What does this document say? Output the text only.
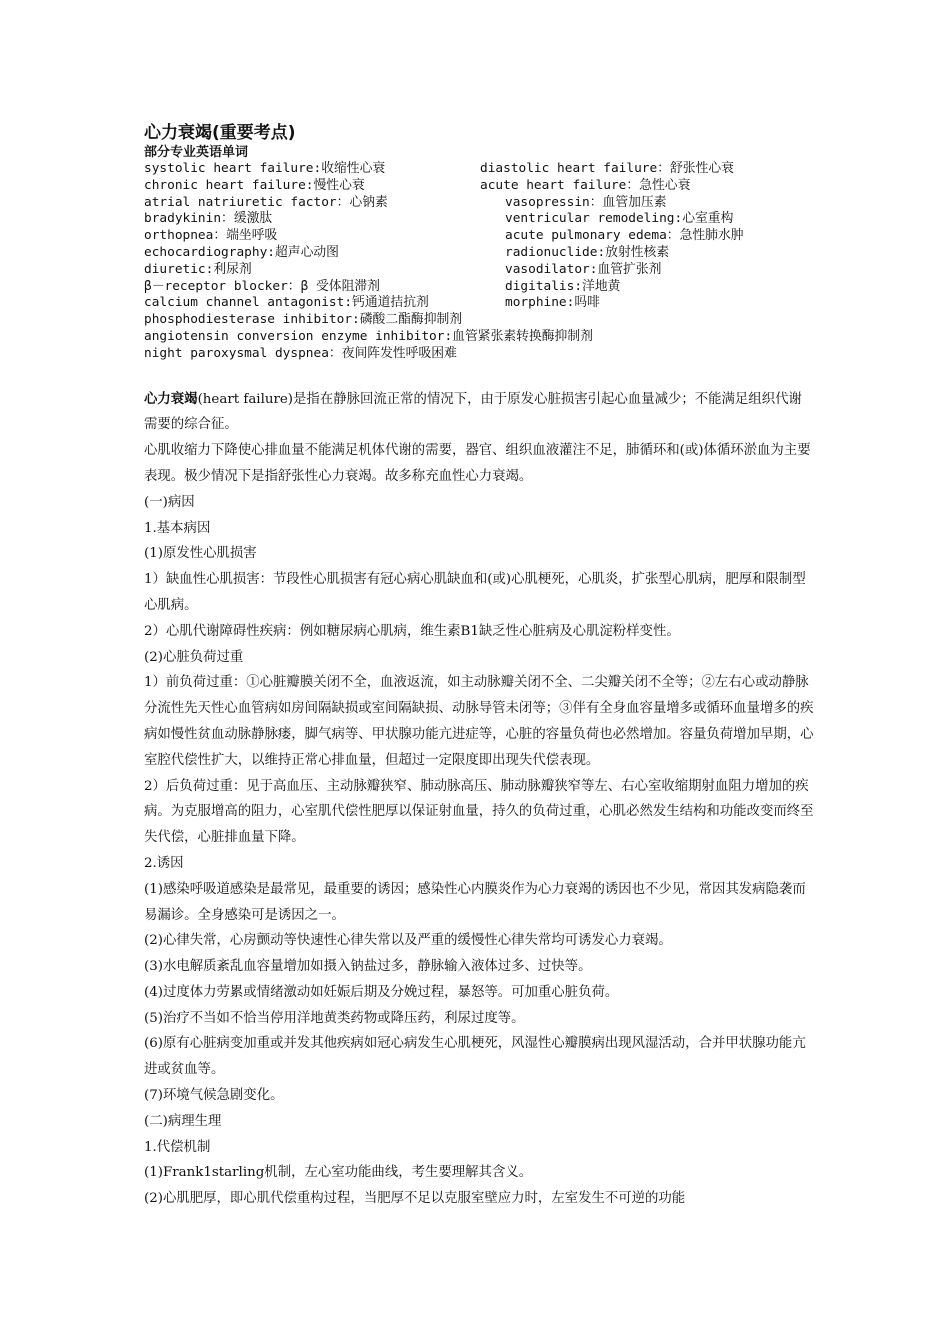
心力衰竭(重要考点)
部分专业英语单词
systolic heart failure:收缩性心衰	diastolic heart failure：舒张性心衰
chronic heart failure:慢性心衰	acute heart failure：急性心衰
atrial natriuretic factor：心钠素	vasopressin：血管加压素
bradykinin：缓激肽	ventricular remodeling:心室重构
orthopnea：端坐呼吸	acute pulmonary edema：急性肺水肿
echocardiography:超声心动图	radionuclide:放射性核素
diuretic:利尿剂	vasodilator:血管扩张剂
β－receptor blocker：β 受体阻滞剂	digitalis:洋地黄
calcium channel antagonist:钙通道拮抗剂	morphine:吗啡
phosphodiesterase inhibitor:磷酸二酯酶抑制剂
angiotensin conversion enzyme inhibitor:血管紧张素转换酶抑制剂
night paroxysmal dyspnea：夜间阵发性呼吸困难

心力衰竭(heart failure)是指在静脉回流正常的情况下，由于原发心脏损害引起心血量减少；不能满足组织代谢需要的综合征。

心肌收缩力下降使心排血量不能满足机体代谢的需要，器官、组织血液灌注不足，肺循环和(或)体循环淤血为主要表现。极少情况下是指舒张性心力衰竭。故多称充血性心力衰竭。

(一)病因

1.基本病因

(1)原发性心肌损害

1）缺血性心肌损害：节段性心肌损害有冠心病心肌缺血和(或)心肌梗死，心肌炎，扩张型心肌病，肥厚和限制型心肌病。

2）心肌代谢障碍性疾病：例如糖尿病心肌病，维生素B1缺乏性心脏病及心肌淀粉样变性。

(2)心脏负荷过重

1）前负荷过重：①心脏瓣膜关闭不全，血液返流，如主动脉瓣关闭不全、二尖瓣关闭不全等；②左右心或动静脉分流性先天性心血管病如房间隔缺损或室间隔缺损、动脉导管未闭等；③伴有全身血容量增多或循环血量增多的疾病如慢性贫血动脉静脉瘘，脚气病等、甲状腺功能亢进症等，心脏的容量负荷也必然增加。容量负荷增加早期，心室腔代偿性扩大，以维持正常心排血量，但超过一定限度即出现失代偿表现。

2）后负荷过重：见于高血压、主动脉瓣狭窄、肺动脉高压、肺动脉瓣狭窄等左、右心室收缩期射血阻力增加的疾病。为克服增高的阻力，心室肌代偿性肥厚以保证射血量，持久的负荷过重，心肌必然发生结构和功能改变而终至失代偿，心脏排血量下降。

2.诱因

(1)感染呼吸道感染是最常见，最重要的诱因；感染性心内膜炎作为心力衰竭的诱因也不少见，常因其发病隐袭而易漏诊。全身感染可是诱因之一。

(2)心律失常，心房颤动等快速性心律失常以及严重的缓慢性心律失常均可诱发心力衰竭。

(3)水电解质紊乱血容量增加如摄入钠盐过多，静脉输入液体过多、过快等。

(4)过度体力劳累或情绪激动如妊娠后期及分娩过程，暴怒等。可加重心脏负荷。

(5)治疗不当如不恰当停用洋地黄类药物或降压药，利尿过度等。

(6)原有心脏病变加重或并发其他疾病如冠心病发生心肌梗死，风湿性心瓣膜病出现风湿活动，合并甲状腺功能亢进或贫血等。

(7)环境气候急剧变化。

(二)病理生理

1.代偿机制

(1)Frank1starling机制，左心室功能曲线，考生要理解其含义。

(2)心肌肥厚，即心肌代偿重构过程，当肥厚不足以克服室壁应力时，左室发生不可逆的功能
